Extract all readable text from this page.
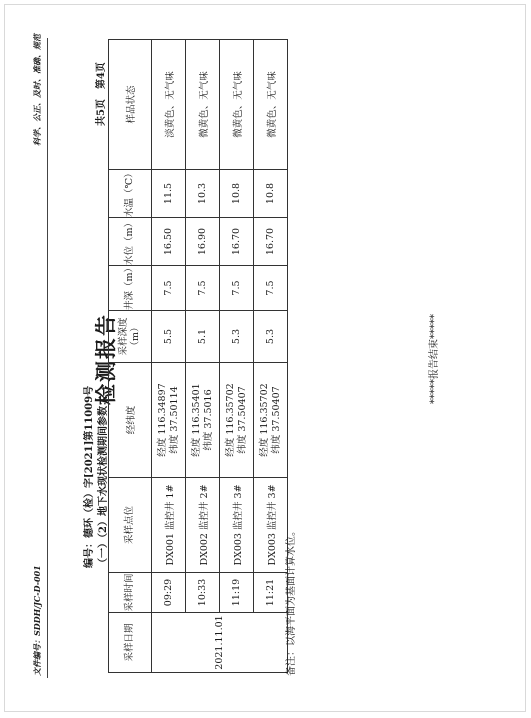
文件编号：SDDH/JC-D-001
科学、公正、及时、准确、规范
编号：德环（检）字[2021]第11009号
检测报告
（一）（2）地下水现状检测期间参数：
共5页　第4页
采样日期	采样时间	采样点位	经纬度	采样深度（m）	井深（m）	水位（m）	水温（℃）	样品状态
2021.11.01	09:29	DX001 监控井 1#	经度 116.34897 纬度 37.50114	5.5	7.5	16.50	11.5	淡黄色、无气味
	10:33	DX002 监控井 2#	经度 116.35401 纬度 37.5016	5.1	7.5	16.90	10.3	微黄色、无气味
	11:19	DX003 监控井 3#	经度 116.35702 纬度 37.50407	5.3	7.5	16.70	10.8	微黄色、无气味
	11:21	DX003 监控井 3#	经度 116.35702 纬度 37.50407	5.3	7.5	16.70	10.8	微黄色、无气味
备注：以海平面为基面计算水位。
*****报告结束*****
